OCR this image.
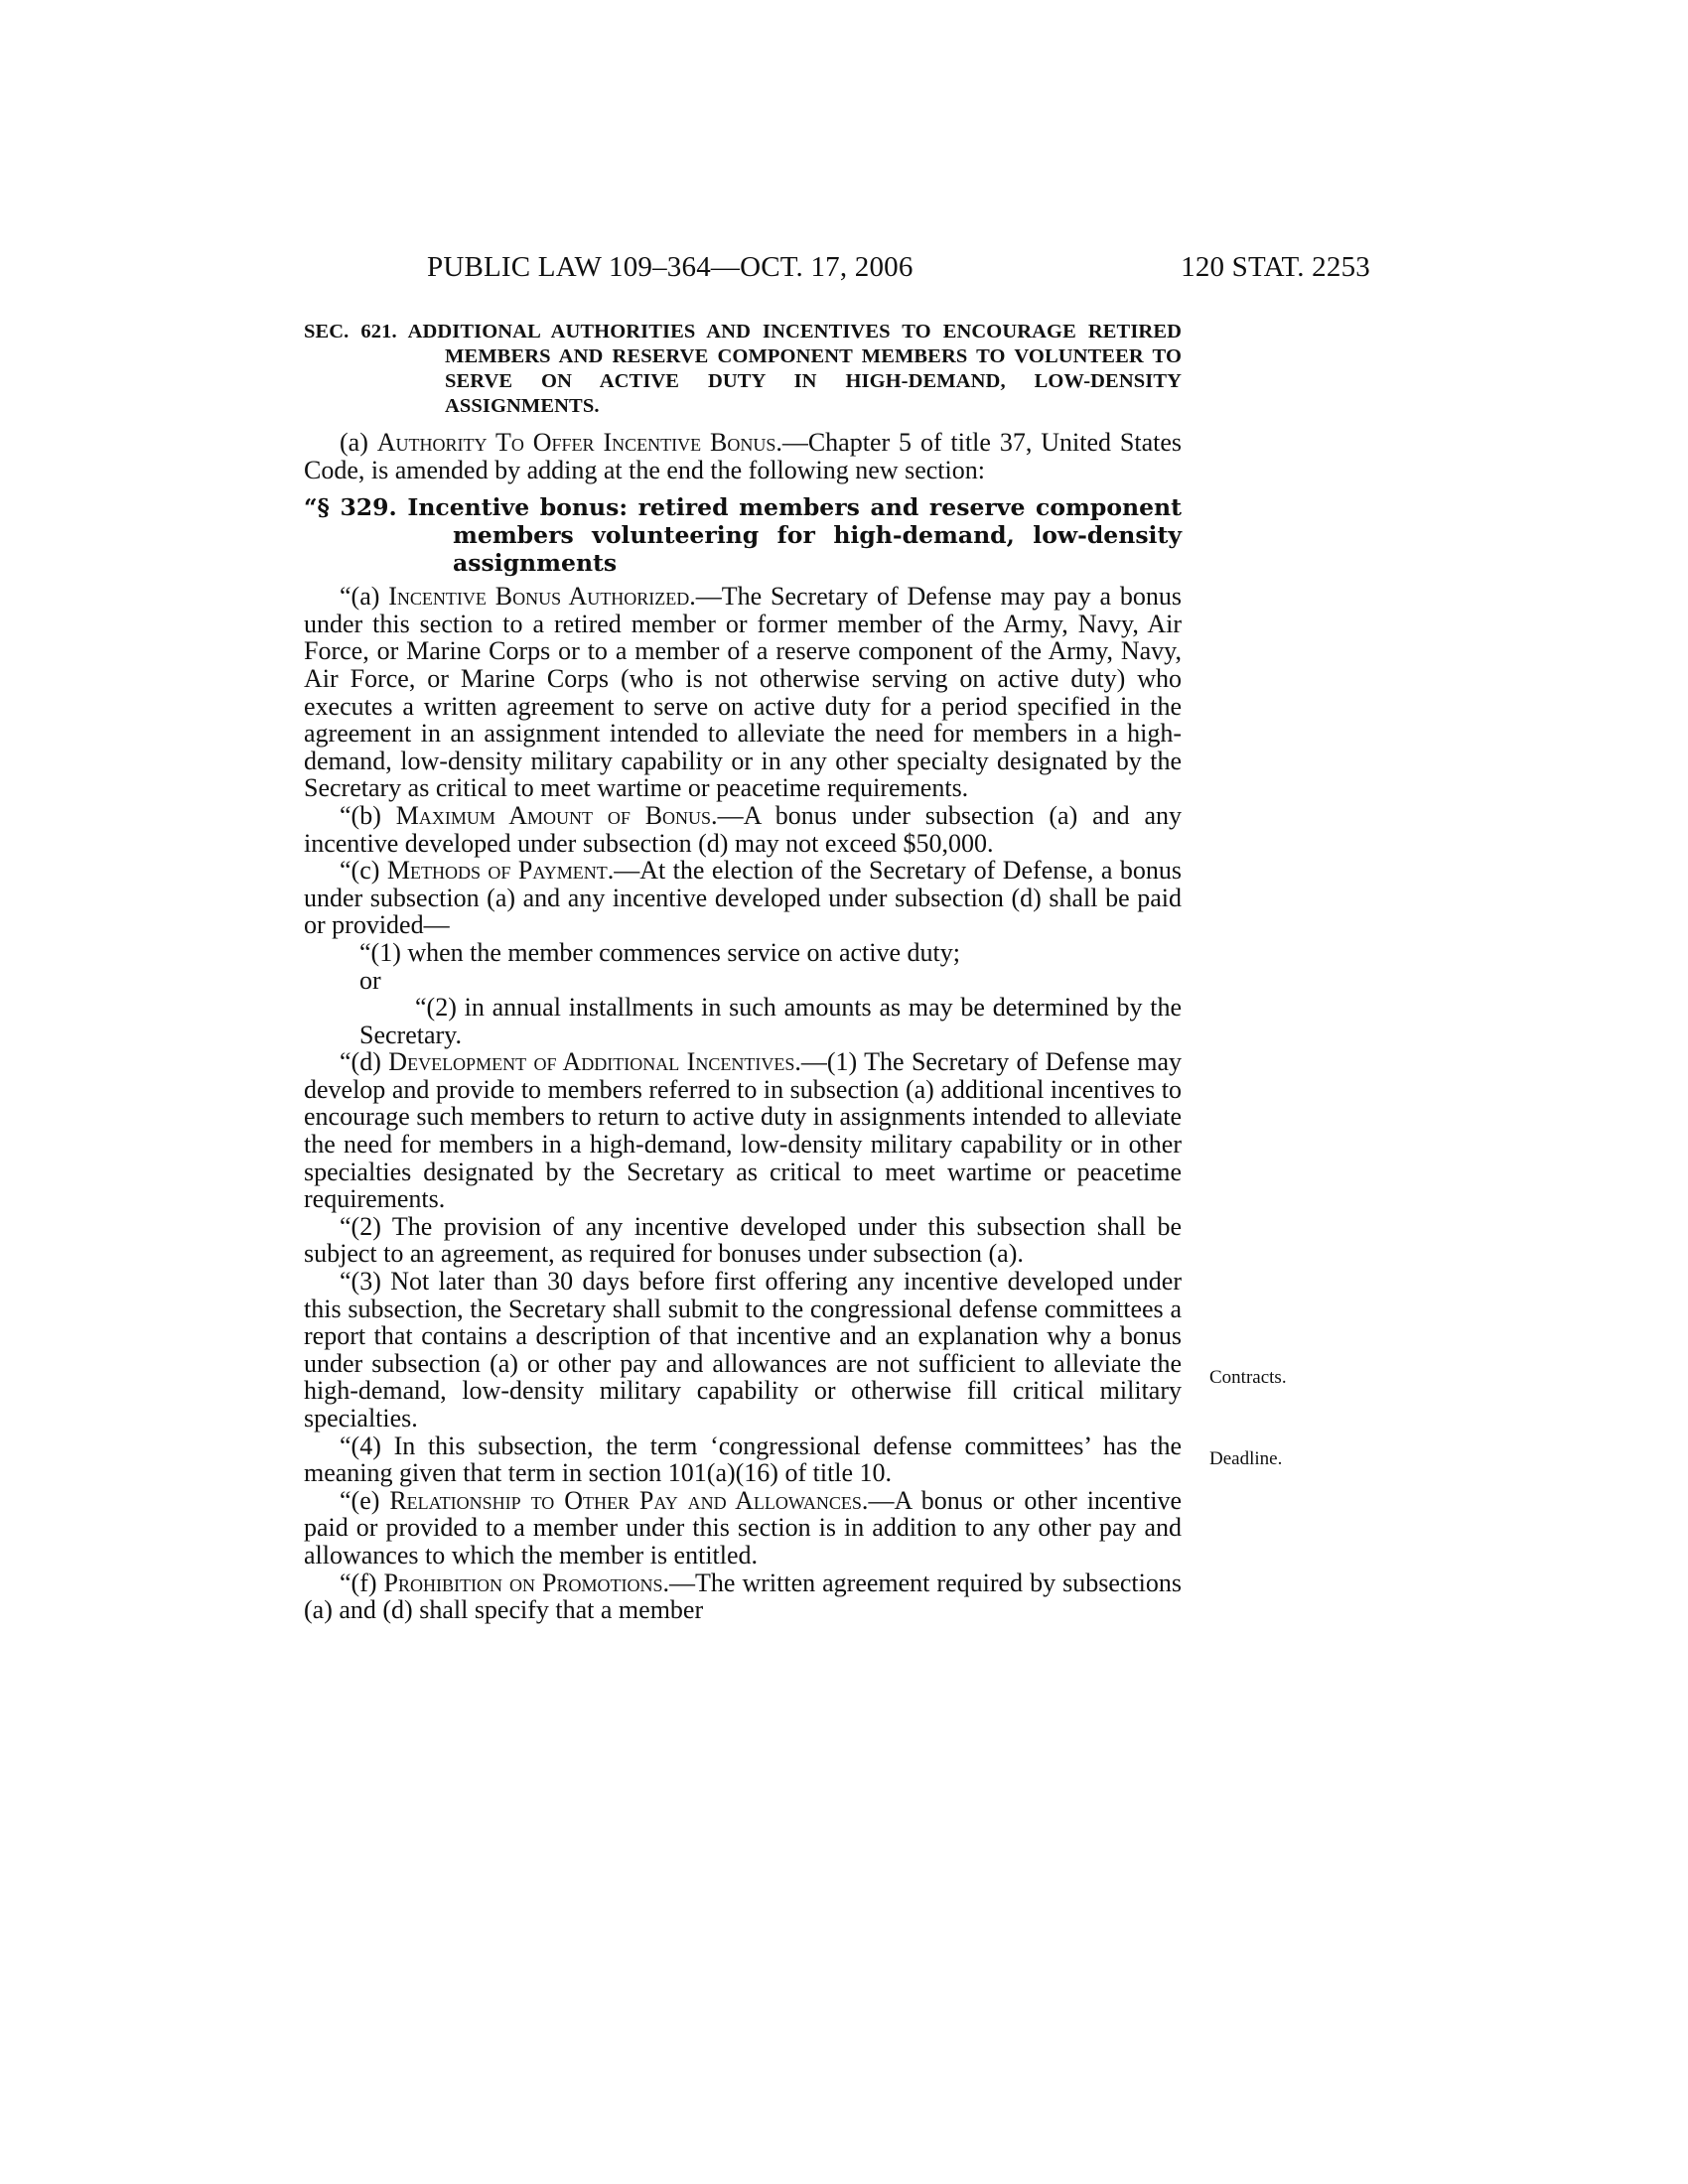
PUBLIC LAW 109–364—OCT. 17, 2006	120 STAT. 2253

SEC. 621. ADDITIONAL AUTHORITIES AND INCENTIVES TO ENCOURAGE RETIRED MEMBERS AND RESERVE COMPONENT MEMBERS TO VOLUNTEER TO SERVE ON ACTIVE DUTY IN HIGH-DEMAND, LOW-DENSITY ASSIGNMENTS.

(a) Authority To Offer Incentive Bonus.—Chapter 5 of title 37, United States Code, is amended by adding at the end the following new section:

“§ 329. Incentive bonus: retired members and reserve component members volunteering for high-demand, low-density assignments

“(a) Incentive Bonus Authorized.—The Secretary of Defense may pay a bonus under this section to a retired member or former member of the Army, Navy, Air Force, or Marine Corps or to a member of a reserve component of the Army, Navy, Air Force, or Marine Corps (who is not otherwise serving on active duty) who executes a written agreement to serve on active duty for a period specified in the agreement in an assignment intended to alleviate the need for members in a high-demand, low-density military capability or in any other specialty designated by the Secretary as critical to meet wartime or peacetime requirements.

“(b) Maximum Amount of Bonus.—A bonus under subsection (a) and any incentive developed under subsection (d) may not exceed $50,000.

“(c) Methods of Payment.—At the election of the Secretary of Defense, a bonus under subsection (a) and any incentive developed under subsection (d) shall be paid or provided—

“(1) when the member commences service on active duty;

or

“(2) in annual installments in such amounts as may be determined by the Secretary.

“(d) Development of Additional Incentives.—(1) The Secretary of Defense may develop and provide to members referred to in subsection (a) additional incentives to encourage such members to return to active duty in assignments intended to alleviate the need for members in a high-demand, low-density military capability or in other specialties designated by the Secretary as critical to meet wartime or peacetime requirements.

“(2) The provision of any incentive developed under this subsection shall be subject to an agreement, as required for bonuses under subsection (a).

“(3) Not later than 30 days before first offering any incentive developed under this subsection, the Secretary shall submit to the congressional defense committees a report that contains a description of that incentive and an explanation why a bonus under subsection (a) or other pay and allowances are not sufficient to alleviate the high-demand, low-density military capability or otherwise fill critical military specialties.

“(4) In this subsection, the term ‘congressional defense committees’ has the meaning given that term in section 101(a)(16) of title 10.

“(e) Relationship to Other Pay and Allowances.—A bonus or other incentive paid or provided to a member under this section is in addition to any other pay and allowances to which the member is entitled.

“(f) Prohibition on Promotions.—The written agreement required by subsections (a) and (d) shall specify that a member

Contracts.
Deadline.
